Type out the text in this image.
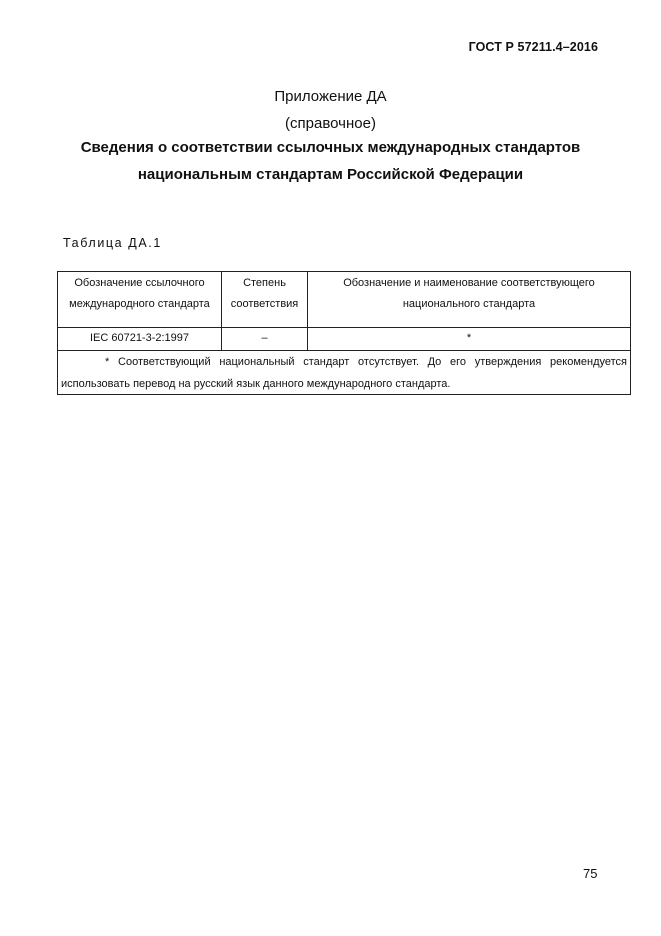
ГОСТ Р 57211.4–2016
Приложение ДА
(справочное)
Сведения о соответствии ссылочных международных стандартов
национальным стандартам Российской Федерации
Таблица ДА.1
Обозначение ссылочного
международного стандарта
Степень
соответствия
Обозначение и наименование соответствующего
национального стандарта
IEC 60721-3-2:1997	–	*
* Соответствующий национальный стандарт отсутствует. До его утверждения рекомендуется использовать перевод на русский язык данного международного стандарта.
75
